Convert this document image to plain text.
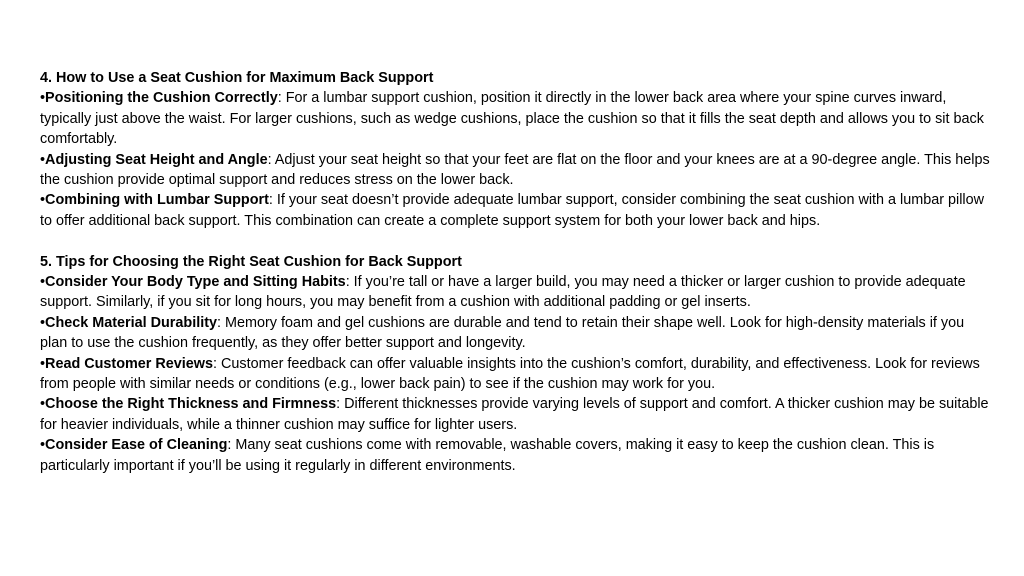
4. How to Use a Seat Cushion for Maximum Back Support

•Positioning the Cushion Correctly: For a lumbar support cushion, position it directly in the lower back area where your spine curves inward, typically just above the waist. For larger cushions, such as wedge cushions, place the cushion so that it fills the seat depth and allows you to sit back comfortably.

•Adjusting Seat Height and Angle: Adjust your seat height so that your feet are flat on the floor and your knees are at a 90-degree angle. This helps the cushion provide optimal support and reduces stress on the lower back.

•Combining with Lumbar Support: If your seat doesn’t provide adequate lumbar support, consider combining the seat cushion with a lumbar pillow to offer additional back support. This combination can create a complete support system for both your lower back and hips.

5. Tips for Choosing the Right Seat Cushion for Back Support

•Consider Your Body Type and Sitting Habits: If you’re tall or have a larger build, you may need a thicker or larger cushion to provide adequate support. Similarly, if you sit for long hours, you may benefit from a cushion with additional padding or gel inserts.

•Check Material Durability: Memory foam and gel cushions are durable and tend to retain their shape well. Look for high-density materials if you plan to use the cushion frequently, as they offer better support and longevity.

•Read Customer Reviews: Customer feedback can offer valuable insights into the cushion’s comfort, durability, and effectiveness. Look for reviews from people with similar needs or conditions (e.g., lower back pain) to see if the cushion may work for you.

•Choose the Right Thickness and Firmness: Different thicknesses provide varying levels of support and comfort. A thicker cushion may be suitable for heavier individuals, while a thinner cushion may suffice for lighter users.

•Consider Ease of Cleaning: Many seat cushions come with removable, washable covers, making it easy to keep the cushion clean. This is particularly important if you’ll be using it regularly in different environments.
